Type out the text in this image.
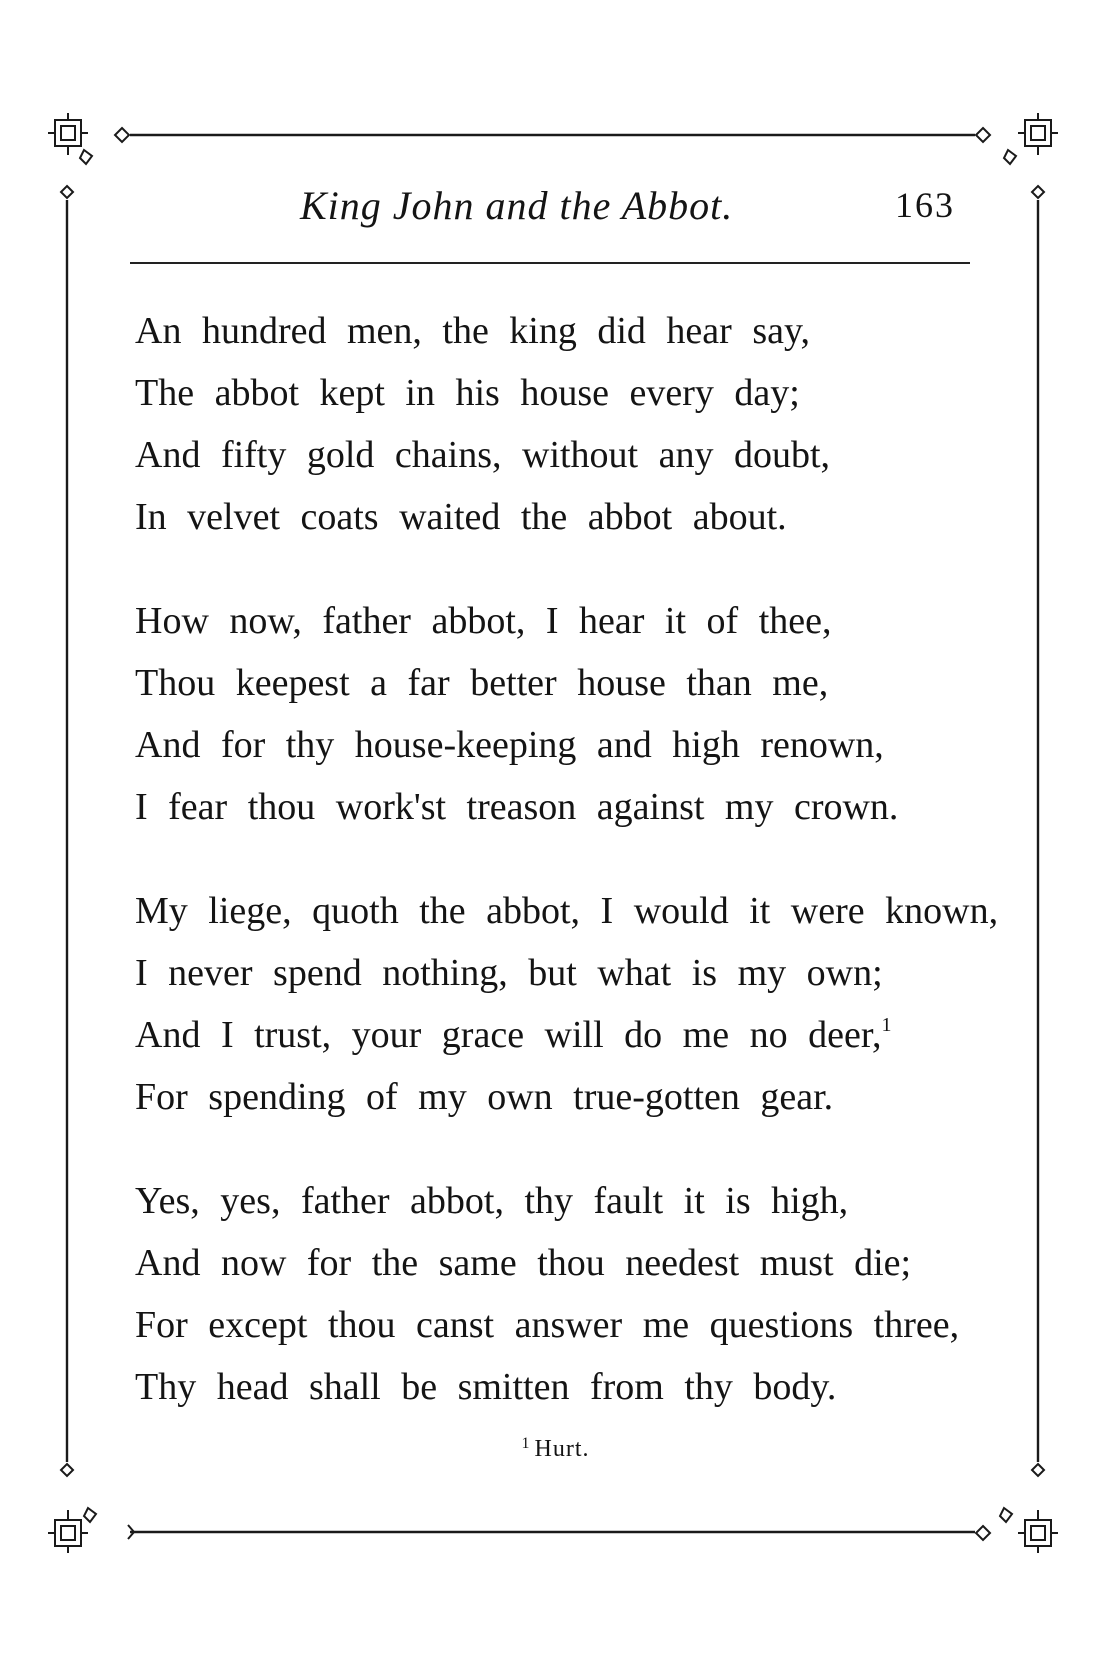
King John and the Abbot.	163
An hundred men, the king did hear say,
The abbot kept in his house every day;
And fifty gold chains, without any doubt,
In velvet coats waited the abbot about.
How now, father abbot, I hear it of thee,
Thou keepest a far better house than me,
And for thy house-keeping and high renown,
I fear thou work'st treason against my crown.
My liege, quoth the abbot, I would it were known,
I never spend nothing, but what is my own;
And I trust, your grace will do me no deer,$^1$
For spending of my own true-gotten gear.
Yes, yes, father abbot, thy fault it is high,
And now for the same thou needest must die;
For except thou canst answer me questions three,
Thy head shall be smitten from thy body.
$^1$ Hurt.
